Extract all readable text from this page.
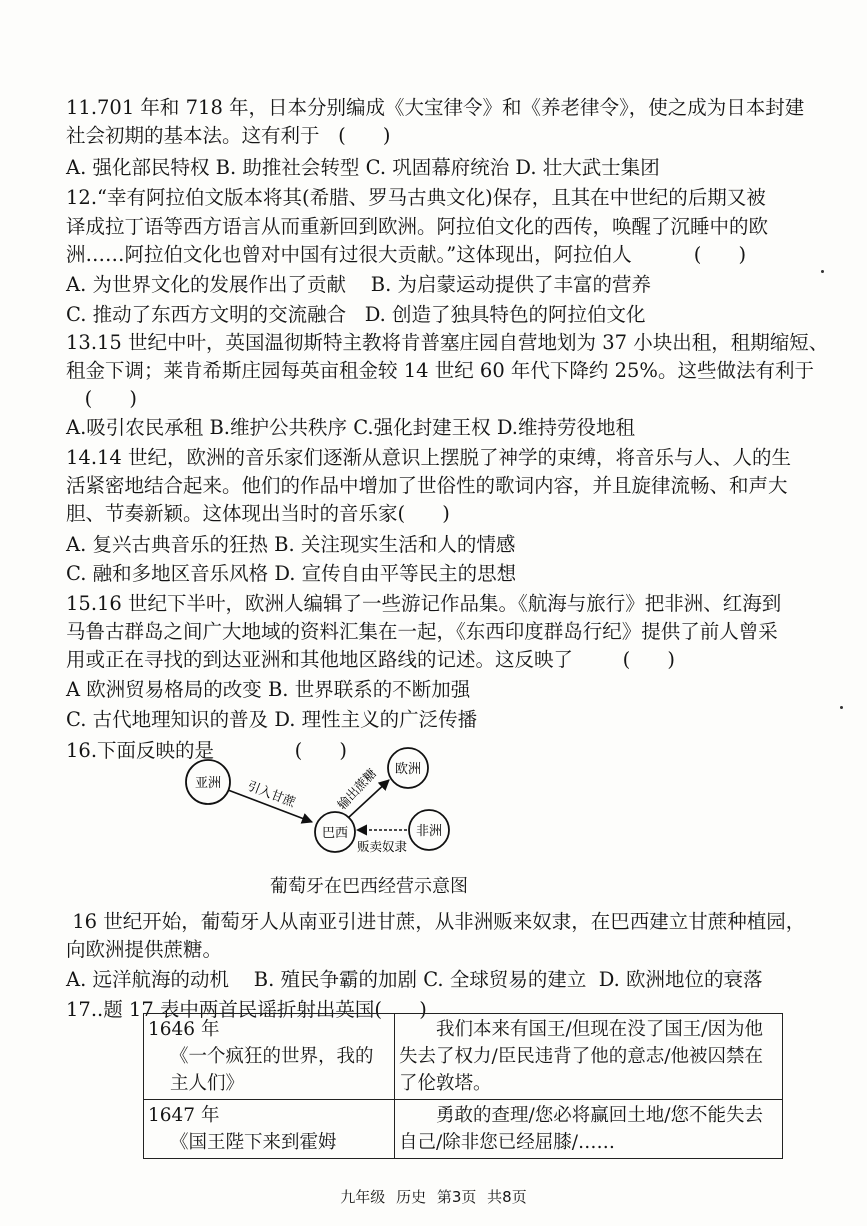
11.701 年和 718 年，日本分别编成《大宝律令》和《养老律令》，使之成为日本封建
社会初期的基本法。这有利于   (      )
A. 强化部民特权 B. 助推社会转型 C. 巩固幕府统治 D. 壮大武士集团
12.“幸有阿拉伯文版本将其(希腊、罗马古典文化)保存，且其在中世纪的后期又被
译成拉丁语等西方语言从而重新回到欧洲。阿拉伯文化的西传，唤醒了沉睡中的欧
洲……阿拉伯文化也曾对中国有过很大贡献。”这体现出，阿拉伯人          (      )
A. 为世界文化的发展作出了贡献    B. 为启蒙运动提供了丰富的营养
C. 推动了东西方文明的交流融合   D. 创造了独具特色的阿拉伯文化
13.15 世纪中叶，英国温彻斯特主教将肯普塞庄园自营地划为 37 小块出租，租期缩短、
租金下调；莱肯希斯庄园每英亩租金较 14 世纪 60 年代下降约 25%。这些做法有利于
(      )
A.吸引农民承租 B.维护公共秩序 C.强化封建王权 D.维持劳役地租
14.14 世纪，欧洲的音乐家们逐渐从意识上摆脱了神学的束缚，将音乐与人、人的生
活紧密地结合起来。他们的作品中增加了世俗性的歌词内容，并且旋律流畅、和声大
胆、节奏新颖。这体现出当时的音乐家(      )
A. 复兴古典音乐的狂热 B. 关注现实生活和人的情感
C. 融和多地区音乐风格 D. 宣传自由平等民主的思想
15.16 世纪下半叶，欧洲人编辑了一些游记作品集。《航海与旅行》把非洲、红海到
马鲁古群岛之间广大地域的资料汇集在一起，《东西印度群岛行纪》提供了前人曾采
用或正在寻找的到达亚洲和其他地区路线的记述。这反映了        (      )
A 欧洲贸易格局的改变 B. 世界联系的不断加强
C. 古代地理知识的普及 D. 理性主义的广泛传播
16.下面反映的是             (      )
16 世纪开始，葡萄牙人从南亚引进甘蔗，从非洲贩来奴隶，在巴西建立甘蔗种植园，
向欧洲提供蔗糖。
A. 远洋航海的动机    B. 殖民争霸的加剧 C. 全球贸易的建立  D. 欧洲地位的衰落
17..题 17 表中两首民谣折射出英国(      )
亚洲
欧洲
巴西	非洲
引入甘蔗	输出蔗糖
贩卖奴隶
葡萄牙在巴西经营示意图
1646 年
《一个疯狂的世界，我的主人们》	我们本来有国王/但现在没了国王/因为他失去了权力/臣民违背了他的意志/他被囚禁在了伦敦塔。

1647 年
《国王陛下来到霍姆	勇敢的查理/您必将赢回土地/您不能失去自己/除非您已经屈膝/……
九年级 历史 第3页 共8页
